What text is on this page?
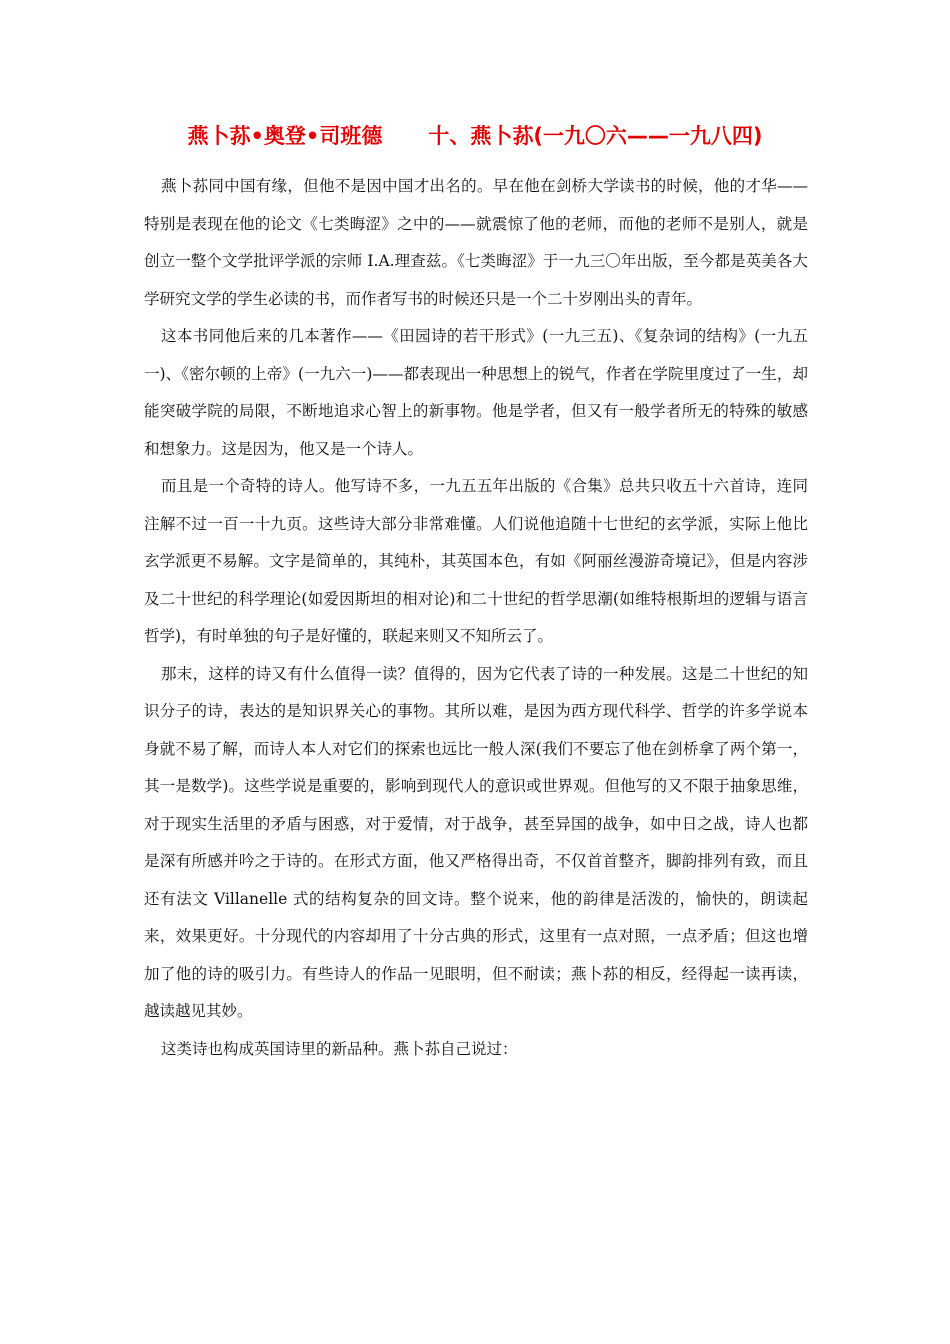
燕卜荪•奥登•司班德 十、燕卜荪(一九〇六——一九八四)

燕卜荪同中国有缘，但他不是因中国才出名的。早在他在剑桥大学读书的时候，他的才华——特别是表现在他的论文《七类晦涩》之中的——就震惊了他的老师，而他的老师不是别人，就是创立一整个文学批评学派的宗师 I.A.理查兹。《七类晦涩》于一九三〇年出版，至今都是英美各大学研究文学的学生必读的书，而作者写书的时候还只是一个二十岁刚出头的青年。

这本书同他后来的几本著作——《田园诗的若干形式》(一九三五)、《复杂词的结构》(一九五一)、《密尔顿的上帝》(一九六一)——都表现出一种思想上的锐气，作者在学院里度过了一生，却能突破学院的局限，不断地追求心智上的新事物。他是学者，但又有一般学者所无的特殊的敏感和想象力。这是因为，他又是一个诗人。

而且是一个奇特的诗人。他写诗不多，一九五五年出版的《合集》总共只收五十六首诗，连同注解不过一百一十九页。这些诗大部分非常难懂。人们说他追随十七世纪的玄学派，实际上他比玄学派更不易解。文字是简单的，其纯朴，其英国本色，有如《阿丽丝漫游奇境记》，但是内容涉及二十世纪的科学理论(如爱因斯坦的相对论)和二十世纪的哲学思潮(如维特根斯坦的逻辑与语言哲学)，有时单独的句子是好懂的，联起来则又不知所云了。

那末，这样的诗又有什么值得一读？值得的，因为它代表了诗的一种发展。这是二十世纪的知识分子的诗，表达的是知识界关心的事物。其所以难，是因为西方现代科学、哲学的许多学说本身就不易了解，而诗人本人对它们的探索也远比一般人深(我们不要忘了他在剑桥拿了两个第一，其一是数学)。这些学说是重要的，影响到现代人的意识或世界观。但他写的又不限于抽象思维，对于现实生活里的矛盾与困惑，对于爱情，对于战争，甚至异国的战争，如中日之战，诗人也都是深有所感并吟之于诗的。在形式方面，他又严格得出奇，不仅首首整齐，脚韵排列有致，而且还有法文 Villanelle 式的结构复杂的回文诗。整个说来，他的韵律是活泼的，愉快的，朗读起来，效果更好。十分现代的内容却用了十分古典的形式，这里有一点对照，一点矛盾；但这也增加了他的诗的吸引力。有些诗人的作品一见眼明，但不耐读；燕卜荪的相反，经得起一读再读，越读越见其妙。

这类诗也构成英国诗里的新品种。燕卜荪自己说过：
